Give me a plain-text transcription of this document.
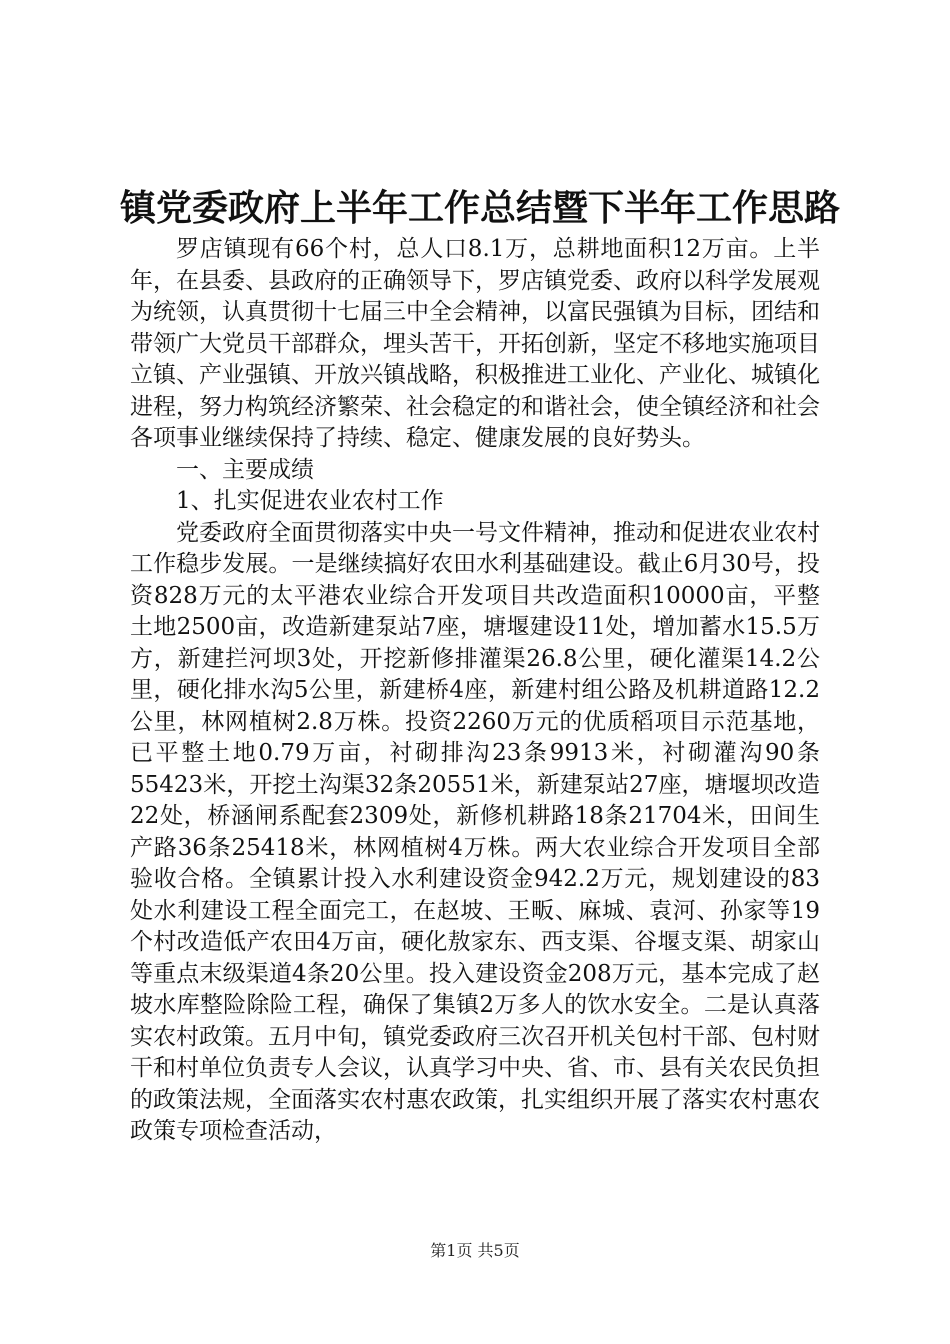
镇党委政府上半年工作总结暨下半年工作思路

罗店镇现有66个村，总人口8.1万，总耕地面积12万亩。上半年，在县委、县政府的正确领导下，罗店镇党委、政府以科学发展观为统领，认真贯彻十七届三中全会精神，以富民强镇为目标，团结和带领广大党员干部群众，埋头苦干，开拓创新，坚定不移地实施项目立镇、产业强镇、开放兴镇战略，积极推进工业化、产业化、城镇化进程，努力构筑经济繁荣、社会稳定的和谐社会，使全镇经济和社会各项事业继续保持了持续、稳定、健康发展的良好势头。

一、主要成绩

1、扎实促进农业农村工作

党委政府全面贯彻落实中央一号文件精神，推动和促进农业农村工作稳步发展。一是继续搞好农田水利基础建设。截止6月30号，投资828万元的太平港农业综合开发项目共改造面积10000亩，平整土地2500亩，改造新建泵站7座，塘堰建设11处，增加蓄水15.5万方，新建拦河坝3处，开挖新修排灌渠26.8公里，硬化灌渠14.2公里，硬化排水沟5公里，新建桥4座，新建村组公路及机耕道路12.2公里，林网植树2.8万株。投资2260万元的优质稻项目示范基地，已平整土地0.79万亩，衬砌排沟23条9913米，衬砌灌沟90条55423米，开挖土沟渠32条20551米，新建泵站27座，塘堰坝改造22处，桥涵闸系配套2309处，新修机耕路18条21704米，田间生产路36条25418米，林网植树4万株。两大农业综合开发项目全部验收合格。全镇累计投入水利建设资金942.2万元，规划建设的83处水利建设工程全面完工，在赵坡、王畈、麻城、袁河、孙家等19个村改造低产农田4万亩，硬化敖家东、西支渠、谷堰支渠、胡家山等重点末级渠道4条20公里。投入建设资金208万元，基本完成了赵坡水库整险除险工程，确保了集镇2万多人的饮水安全。二是认真落实农村政策。五月中旬，镇党委政府三次召开机关包村干部、包村财干和村单位负责专人会议，认真学习中央、省、市、县有关农民负担的政策法规，全面落实农村惠农政策，扎实组织开展了落实农村惠农政策专项检查活动，

第1页 共5页
